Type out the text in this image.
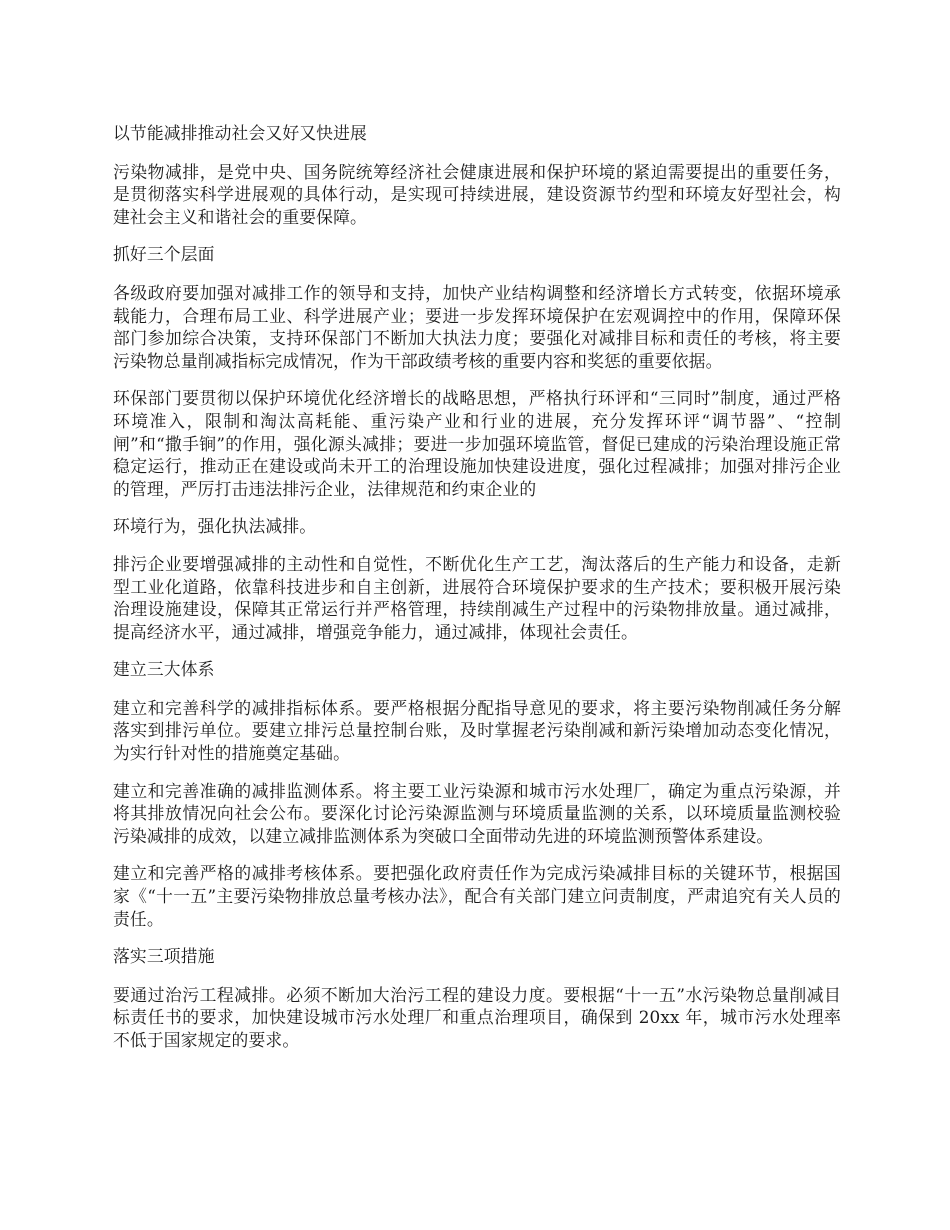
以节能减排推动社会又好又快进展

污染物减排，是党中央、国务院统筹经济社会健康进展和保护环境的紧迫需要提出的重要任务，是贯彻落实科学进展观的具体行动，是实现可持续进展，建设资源节约型和环境友好型社会，构建社会主义和谐社会的重要保障。

抓好三个层面

各级政府要加强对减排工作的领导和支持，加快产业结构调整和经济增长方式转变，依据环境承载能力，合理布局工业、科学进展产业；要进一步发挥环境保护在宏观调控中的作用，保障环保部门参加综合决策，支持环保部门不断加大执法力度；要强化对减排目标和责任的考核，将主要污染物总量削减指标完成情况，作为干部政绩考核的重要内容和奖惩的重要依据。

环保部门要贯彻以保护环境优化经济增长的战略思想，严格执行环评和“三同时”制度，通过严格环境准入，限制和淘汰高耗能、重污染产业和行业的进展，充分发挥环评“调节器”、“控制闸”和“撒手锏”的作用，强化源头减排；要进一步加强环境监管，督促已建成的污染治理设施正常稳定运行，推动正在建设或尚未开工的治理设施加快建设进度，强化过程减排；加强对排污企业的管理，严厉打击违法排污企业，法律规范和约束企业的

环境行为，强化执法减排。

排污企业要增强减排的主动性和自觉性，不断优化生产工艺，淘汰落后的生产能力和设备，走新型工业化道路，依靠科技进步和自主创新，进展符合环境保护要求的生产技术；要积极开展污染治理设施建设，保障其正常运行并严格管理，持续削减生产过程中的污染物排放量。通过减排，提高经济水平，通过减排，增强竞争能力，通过减排，体现社会责任。

建立三大体系

建立和完善科学的减排指标体系。要严格根据分配指导意见的要求，将主要污染物削减任务分解落实到排污单位。要建立排污总量控制台账，及时掌握老污染削减和新污染增加动态变化情况，为实行针对性的措施奠定基础。

建立和完善准确的减排监测体系。将主要工业污染源和城市污水处理厂，确定为重点污染源，并将其排放情况向社会公布。要深化讨论污染源监测与环境质量监测的关系，以环境质量监测校验污染减排的成效，以建立减排监测体系为突破口全面带动先进的环境监测预警体系建设。

建立和完善严格的减排考核体系。要把强化政府责任作为完成污染减排目标的关键环节，根据国家《“十一五”主要污染物排放总量考核办法》，配合有关部门建立问责制度，严肃追究有关人员的责任。

落实三项措施

要通过治污工程减排。必须不断加大治污工程的建设力度。要根据“十一五”水污染物总量削减目标责任书的要求，加快建设城市污水处理厂和重点治理项目，确保到 20xx 年，城市污水处理率不低于国家规定的要求。
